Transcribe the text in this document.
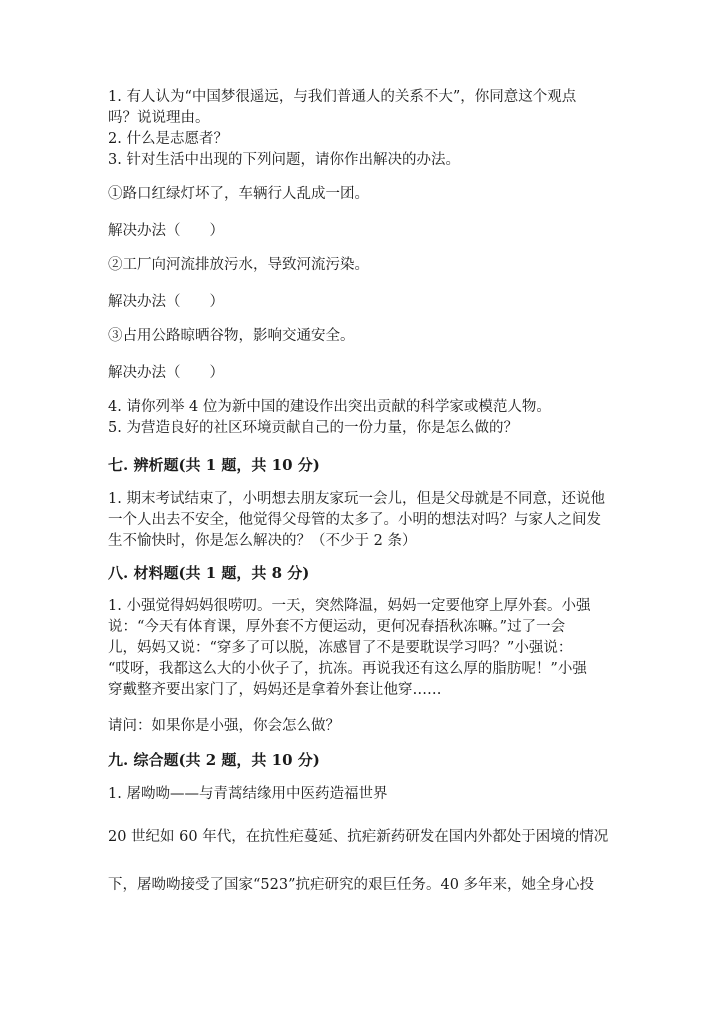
1. 有人认为“中国梦很遥远，与我们普通人的关系不大”，你同意这个观点

吗？说说理由。

2. 什么是志愿者？

3. 针对生活中出现的下列问题，请你作出解决的办法。

①路口红绿灯坏了，车辆行人乱成一团。

解决办法（　　）

②工厂向河流排放污水，导致河流污染。

解决办法（　　）

③占用公路晾晒谷物，影响交通安全。

解决办法（　　）

4. 请你列举 4 位为新中国的建设作出突出贡献的科学家或模范人物。

5. 为营造良好的社区环境贡献自己的一份力量，你是怎么做的？

七. 辨析题(共 1 题，共 10 分)

1. 期末考试结束了，小明想去朋友家玩一会儿，但是父母就是不同意，还说他

一个人出去不安全，他觉得父母管的太多了。小明的想法对吗？与家人之间发

生不愉快时，你是怎么解决的？（不少于 2 条）

八. 材料题(共 1 题，共 8 分)

1. 小强觉得妈妈很唠叨。一天，突然降温，妈妈一定要他穿上厚外套。小强

说：“今天有体育课，厚外套不方便运动，更何况春捂秋冻嘛。”过了一会

儿，妈妈又说：“穿多了可以脱，冻感冒了不是要耽误学习吗？”小强说：

“哎呀，我都这么大的小伙子了，抗冻。再说我还有这么厚的脂肪呢！”小强

穿戴整齐要出家门了，妈妈还是拿着外套让他穿……

请问：如果你是小强，你会怎么做？

九. 综合题(共 2 题，共 10 分)

1. 屠呦呦——与青蒿结缘用中医药造福世界

20 世纪如 60 年代，在抗性疟蔓延、抗疟新药研发在国内外都处于困境的情况

下，屠呦呦接受了国家“523”抗疟研究的艰巨任务。40 多年来，她全身心投
